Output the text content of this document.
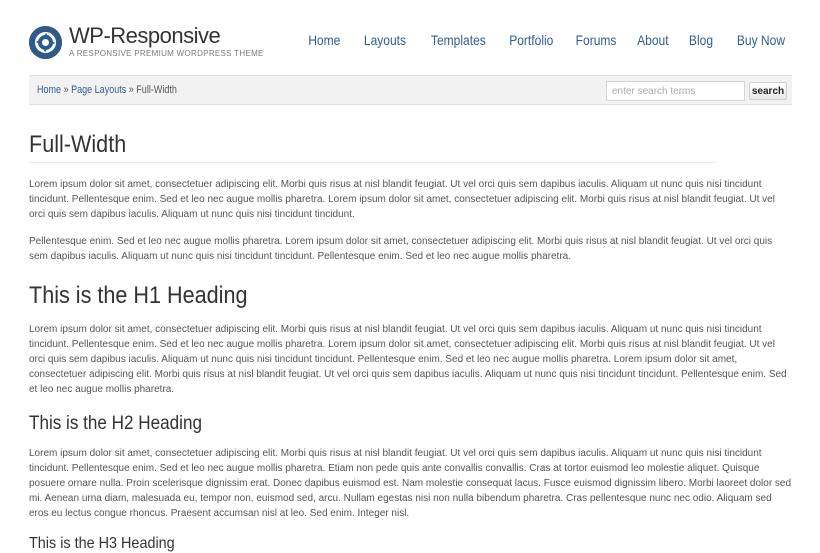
WP-Responsive
A RESPONSIVE PREMIUM WORDPRESS THEME
Home Layouts Templates Portfolio Forums About Blog Buy Now
Home » Page Layouts » Full-Width
enter search terms	search
Full-Width

Lorem ipsum dolor sit amet, consectetuer adipiscing elit. Morbi quis risus at nisl blandit feugiat. Ut vel orci quis sem dapibus iaculis. Aliquam ut nunc quis nisi tincidunt tincidunt. Pellentesque enim. Sed et leo nec augue mollis pharetra. Lorem ipsum dolor sit amet, consectetuer adipiscing elit. Morbi quis risus at nisl blandit feugiat. Ut vel orci quis sem dapibus iaculis. Aliquam ut nunc quis nisi tincidunt tincidunt.

Pellentesque enim. Sed et leo nec augue mollis pharetra. Lorem ipsum dolor sit amet, consectetuer adipiscing elit. Morbi quis risus at nisl blandit feugiat. Ut vel orci quis sem dapibus iaculis. Aliquam ut nunc quis nisi tincidunt tincidunt. Pellentesque enim. Sed et leo nec augue mollis pharetra.

This is the H1 Heading

Lorem ipsum dolor sit amet, consectetuer adipiscing elit. Morbi quis risus at nisl blandit feugiat. Ut vel orci quis sem dapibus iaculis. Aliquam ut nunc quis nisi tincidunt tincidunt. Pellentesque enim. Sed et leo nec augue mollis pharetra. Lorem ipsum dolor sit amet, consectetuer adipiscing elit. Morbi quis risus at nisl blandit feugiat. Ut vel orci quis sem dapibus iaculis. Aliquam ut nunc quis nisi tincidunt tincidunt. Pellentesque enim. Sed et leo nec augue mollis pharetra. Lorem ipsum dolor sit amet, consectetuer adipiscing elit. Morbi quis risus at nisl blandit feugiat. Ut vel orci quis sem dapibus iaculis. Aliquam ut nunc quis nisi tincidunt tincidunt. Pellentesque enim. Sed et leo nec augue mollis pharetra.

This is the H2 Heading

Lorem ipsum dolor sit amet, consectetuer adipiscing elit. Morbi quis risus at nisl blandit feugiat. Ut vel orci quis sem dapibus iaculis. Aliquam ut nunc quis nisi tincidunt tincidunt. Pellentesque enim. Sed et leo nec augue mollis pharetra. Etiam non pede quis ante convallis convallis. Cras at tortor euismod leo molestie aliquet. Quisque posuere ornare nulla. Proin scelerisque dignissim erat. Donec dapibus euismod est. Nam molestie consequat lacus. Fusce euismod dignissim libero. Morbi laoreet dolor sed mi. Aenean urna diam, malesuada eu, tempor non, euismod sed, arcu. Nullam egestas nisi non nulla bibendum pharetra. Cras pellentesque nunc nec odio. Aliquam sed eros eu lectus congue rhoncus. Praesent accumsan nisl at leo. Sed enim. Integer nisl.

This is the H3 Heading
